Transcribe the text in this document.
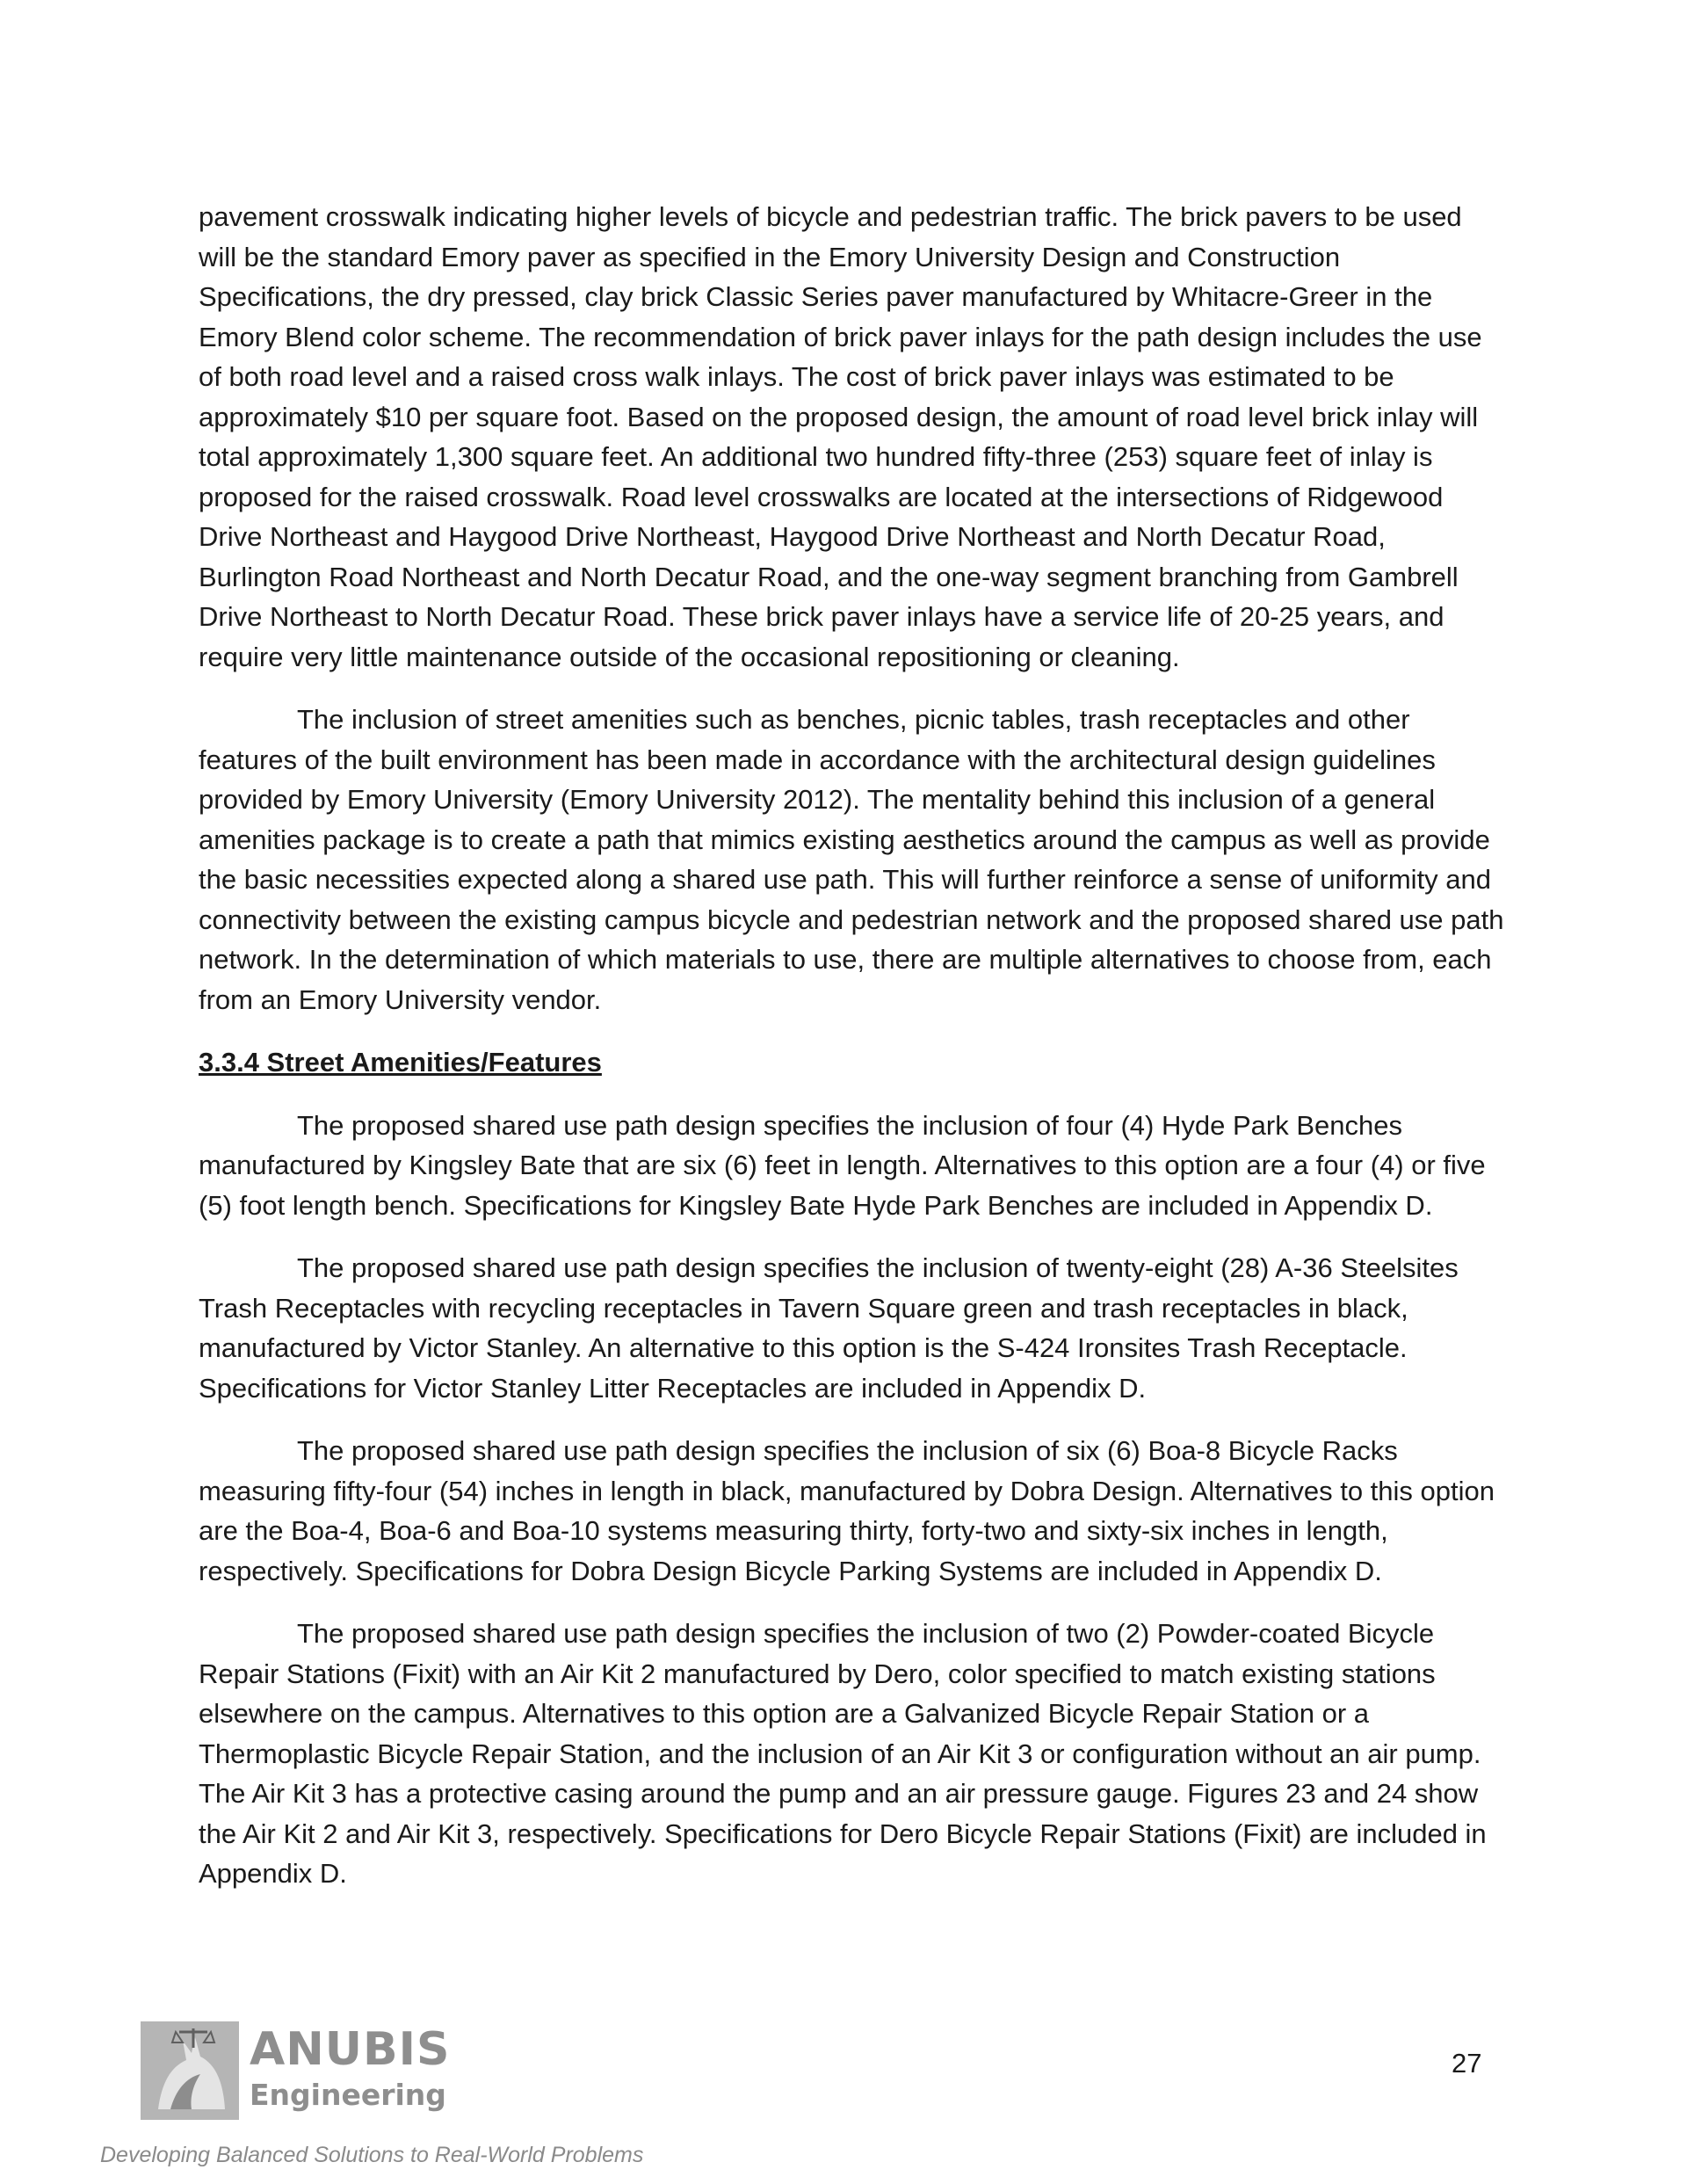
pavement crosswalk indicating higher levels of bicycle and pedestrian traffic. The brick pavers to be used will be the standard Emory paver as specified in the Emory University Design and Construction Specifications, the dry pressed, clay brick Classic Series paver manufactured by Whitacre-Greer in the Emory Blend color scheme. The recommendation of brick paver inlays for the path design includes the use of both road level and a raised cross walk inlays. The cost of brick paver inlays was estimated to be approximately $10 per square foot. Based on the proposed design, the amount of road level brick inlay will total approximately 1,300 square feet. An additional two hundred fifty-three (253) square feet of inlay is proposed for the raised crosswalk. Road level crosswalks are located at the intersections of Ridgewood Drive Northeast and Haygood Drive Northeast, Haygood Drive Northeast and North Decatur Road, Burlington Road Northeast and North Decatur Road, and the one-way segment branching from Gambrell Drive Northeast to North Decatur Road. These brick paver inlays have a service life of 20-25 years, and require very little maintenance outside of the occasional repositioning or cleaning.

The inclusion of street amenities such as benches, picnic tables, trash receptacles and other features of the built environment has been made in accordance with the architectural design guidelines provided by Emory University (Emory University 2012). The mentality behind this inclusion of a general amenities package is to create a path that mimics existing aesthetics around the campus as well as provide the basic necessities expected along a shared use path. This will further reinforce a sense of uniformity and connectivity between the existing campus bicycle and pedestrian network and the proposed shared use path network. In the determination of which materials to use, there are multiple alternatives to choose from, each from an Emory University vendor.

3.3.4 Street Amenities/Features

The proposed shared use path design specifies the inclusion of four (4) Hyde Park Benches manufactured by Kingsley Bate that are six (6) feet in length. Alternatives to this option are a four (4) or five (5) foot length bench. Specifications for Kingsley Bate Hyde Park Benches are included in Appendix D.

The proposed shared use path design specifies the inclusion of twenty-eight (28) A-36 Steelsites Trash Receptacles with recycling receptacles in Tavern Square green and trash receptacles in black, manufactured by Victor Stanley. An alternative to this option is the S-424 Ironsites Trash Receptacle. Specifications for Victor Stanley Litter Receptacles are included in Appendix D.

The proposed shared use path design specifies the inclusion of six (6) Boa-8 Bicycle Racks measuring fifty-four (54) inches in length in black, manufactured by Dobra Design. Alternatives to this option are the Boa-4, Boa-6 and Boa-10 systems measuring thirty, forty-two and sixty-six inches in length, respectively. Specifications for Dobra Design Bicycle Parking Systems are included in Appendix D.

The proposed shared use path design specifies the inclusion of two (2) Powder-coated Bicycle Repair Stations (Fixit) with an Air Kit 2 manufactured by Dero, color specified to match existing stations elsewhere on the campus. Alternatives to this option are a Galvanized Bicycle Repair Station or a Thermoplastic Bicycle Repair Station, and the inclusion of an Air Kit 3 or configuration without an air pump. The Air Kit 3 has a protective casing around the pump and an air pressure gauge. Figures 23 and 24 show the Air Kit 2 and Air Kit 3, respectively. Specifications for Dero Bicycle Repair Stations (Fixit) are included in Appendix D.

ANUBIS
Engineering
27
Developing Balanced Solutions to Real-World Problems
